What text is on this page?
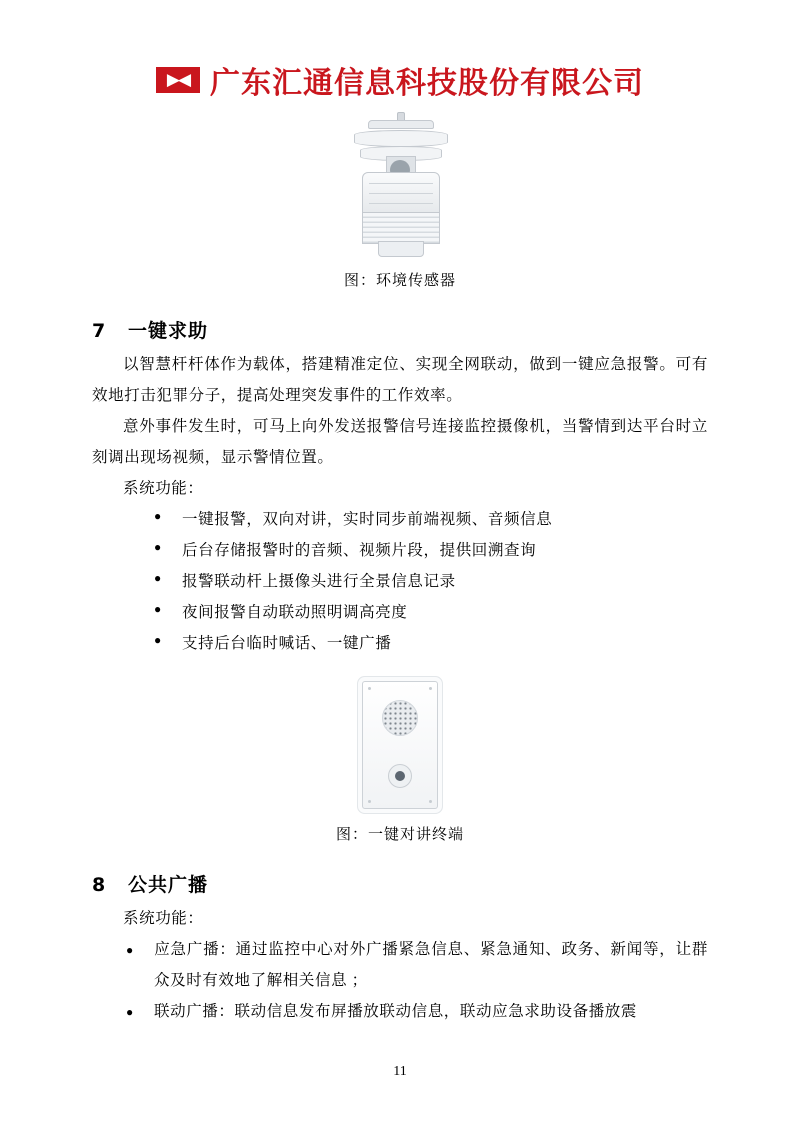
▶◀ 广东汇通信息科技股份有限公司
图：环境传感器
7 一键求助

以智慧杆杆体作为载体，搭建精准定位、实现全网联动，做到一键应急报警。可有效地打击犯罪分子，提高处理突发事件的工作效率。

意外事件发生时，可马上向外发送报警信号连接监控摄像机，当警情到达平台时立刻调出现场视频，显示警情位置。

系统功能：

● 一键报警，双向对讲，实时同步前端视频、音频信息
● 后台存储报警时的音频、视频片段，提供回溯查询
● 报警联动杆上摄像头进行全景信息记录
● 夜间报警自动联动照明调高亮度
● 支持后台临时喊话、一键广播
图：一键对讲终端
8 公共广播

系统功能：

● 应急广播：通过监控中心对外广播紧急信息、紧急通知、政务、新闻等，让群众及时有效地了解相关信息 ；

● 联动广播：联动信息发布屏播放联动信息，联动应急求助设备播放震

11
